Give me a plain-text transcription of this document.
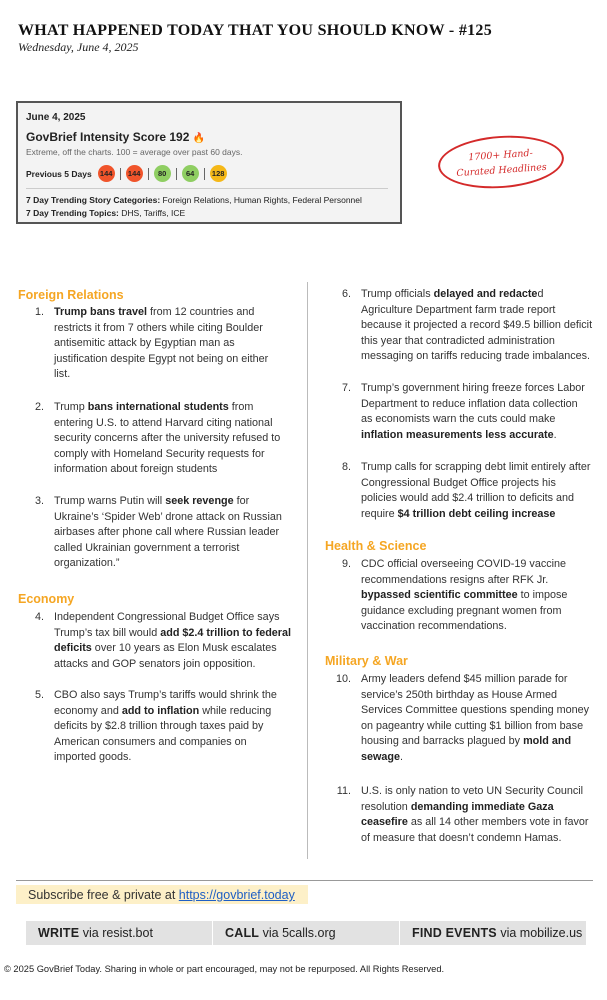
WHAT HAPPENED TODAY THAT YOU SHOULD KNOW - #125
Wednesday, June 4, 2025
June 4, 2025
GovBrief Intensity Score 192 🔥
Extreme, off the charts. 100 = average over past 60 days.
Previous 5 Days 144	144	80	64	128
7 Day Trending Story Categories: Foreign Relations, Human Rights, Federal Personnel
7 Day Trending Topics: DHS, Tariffs, ICE
1700+ Hand-
Curated Headlines
Foreign Relations
Economy
Health & Science
Military & War
1. Trump bans travel from 12 countries and
restricts it from 7 others while citing Boulder
antisemitic attack by Egyptian man as
justification despite Egypt not being on either
list.
2. Trump bans international students from
entering U.S. to attend Harvard citing national
security concerns after the university refused to
comply with Homeland Security requests for
information about foreign students
3. Trump warns Putin will seek revenge for
Ukraine’s ‘Spider Web’ drone attack on Russian
airbases after phone call where Russian leader
called Ukrainian government a terrorist
organization.”
4. Independent Congressional Budget Office says
Trump’s tax bill would add $2.4 trillion to federal
deficits over 10 years as Elon Musk escalates
attacks and GOP senators join opposition.
5. CBO also says Trump’s tariffs would shrink the
economy and add to inflation while reducing
deficits by $2.8 trillion through taxes paid by
American consumers and companies on
imported goods.
6. Trump officials delayed and redacted
Agriculture Department farm trade report
because it projected a record $49.5 billion deficit
this year that contradicted administration
messaging on tariffs reducing trade imbalances.
7. Trump’s government hiring freeze forces Labor
Department to reduce inflation data collection
as economists warn the cuts could make
inflation measurements less accurate.
8. Trump calls for scrapping debt limit entirely after
Congressional Budget Office projects his
policies would add $2.4 trillion to deficits and
require $4 trillion debt ceiling increase
9. CDC official overseeing COVID-19 vaccine
recommendations resigns after RFK Jr.
bypassed scientific committee to impose
guidance excluding pregnant women from
vaccination recommendations.
10. Army leaders defend $45 million parade for
service’s 250th birthday as House Armed
Services Committee questions spending money
on pageantry while cutting $1 billion from base
housing and barracks plagued by mold and
sewage.
11. U.S. is only nation to veto UN Security Council
resolution demanding immediate Gaza
ceasefire as all 14 other members vote in favor
of measure that doesn’t condemn Hamas.
Subscribe free & private at https://govbrief.today
WRITE via resist.bot	CALL via 5calls.org	FIND EVENTS via mobilize.us
© 2025 GovBrief Today. Sharing in whole or part encouraged, may not be repurposed. All Rights Reserved.
